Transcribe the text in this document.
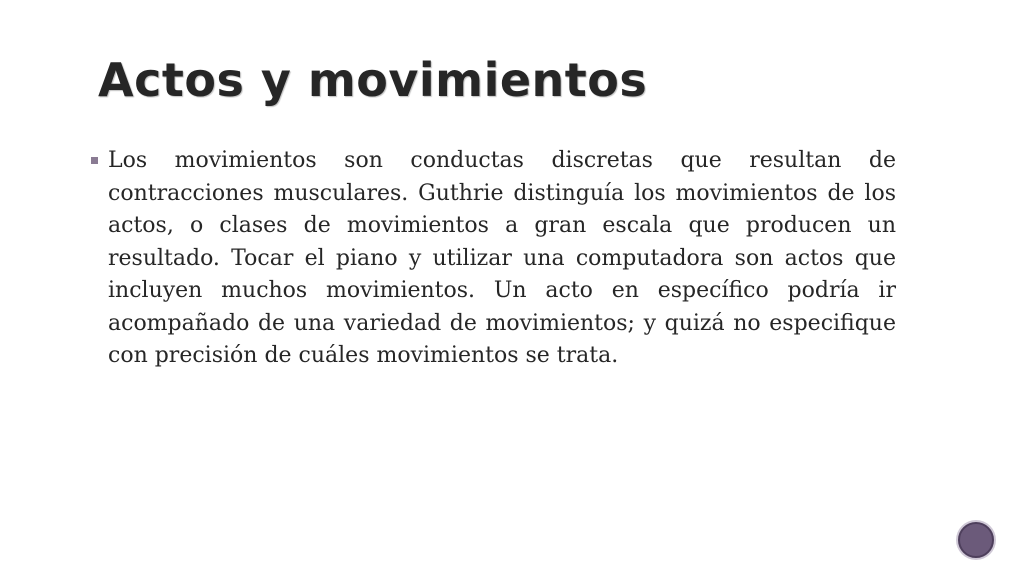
Actos y movimientos

Los movimientos son conductas discretas que resultan de contracciones musculares. Guthrie distinguía los movimientos de los actos, o clases de movimientos a gran escala que producen un resultado. Tocar el piano y utilizar una computadora son actos que incluyen muchos movimientos. Un acto en específico podría ir acompañado de una variedad de movimientos; y quizá no especifique con precisión de cuáles movimientos se trata.
